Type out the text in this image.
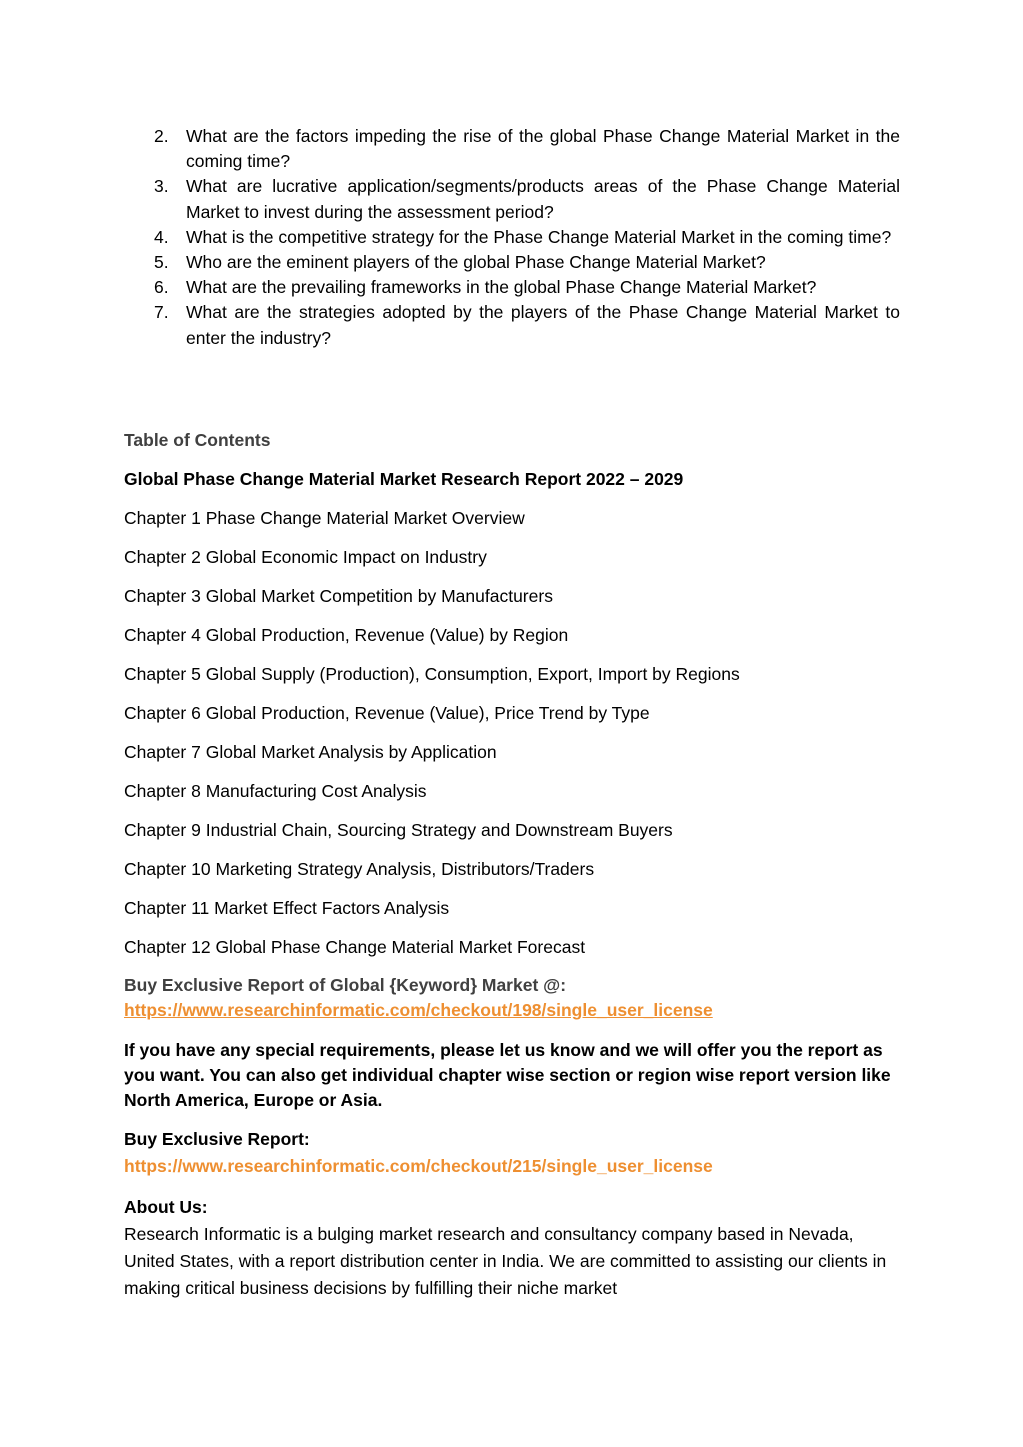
2. What are the factors impeding the rise of the global Phase Change Material Market in the coming time?
3. What are lucrative application/segments/products areas of the Phase Change Material Market to invest during the assessment period?
4. What is the competitive strategy for the Phase Change Material Market in the coming time?
5. Who are the eminent players of the global Phase Change Material Market?
6. What are the prevailing frameworks in the global Phase Change Material Market?
7. What are the strategies adopted by the players of the Phase Change Material Market to enter the industry?

Table of Contents

Global Phase Change Material Market Research Report 2022 – 2029

Chapter 1 Phase Change Material Market Overview

Chapter 2 Global Economic Impact on Industry

Chapter 3 Global Market Competition by Manufacturers

Chapter 4 Global Production, Revenue (Value) by Region

Chapter 5 Global Supply (Production), Consumption, Export, Import by Regions

Chapter 6 Global Production, Revenue (Value), Price Trend by Type

Chapter 7 Global Market Analysis by Application

Chapter 8 Manufacturing Cost Analysis

Chapter 9 Industrial Chain, Sourcing Strategy and Downstream Buyers

Chapter 10 Marketing Strategy Analysis, Distributors/Traders

Chapter 11 Market Effect Factors Analysis

Chapter 12 Global Phase Change Material Market Forecast

Buy Exclusive Report of Global {Keyword} Market @:
https://www.researchinformatic.com/checkout/198/single_user_license

If you have any special requirements, please let us know and we will offer you the report as you want. You can also get individual chapter wise section or region wise report version like North America, Europe or Asia.

Buy Exclusive Report:
https://www.researchinformatic.com/checkout/215/single_user_license
About Us:
Research Informatic is a bulging market research and consultancy company based in Nevada, United States, with a report distribution center in India. We are committed to assisting our clients in making critical business decisions by fulfilling their niche market
